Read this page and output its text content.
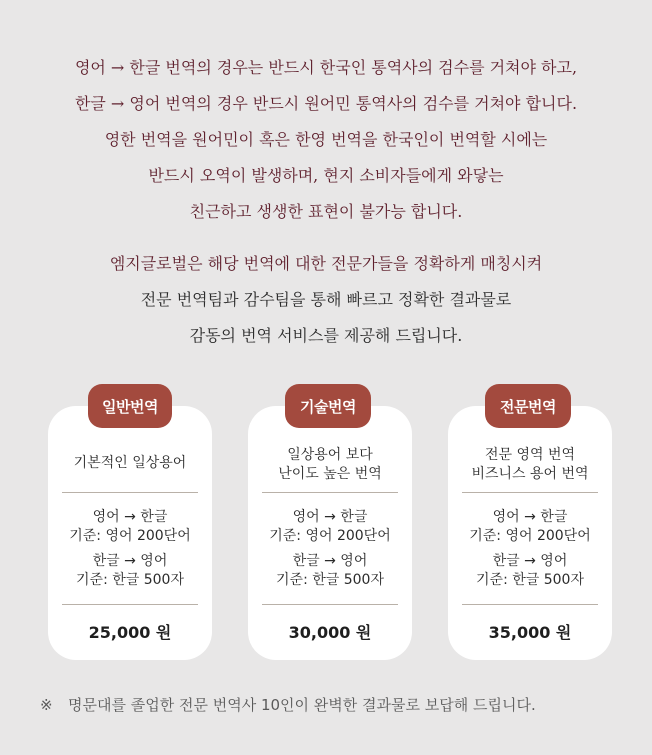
영어 → 한글 번역의 경우는 반드시 한국인 통역사의 검수를 거쳐야 하고,
한글 → 영어 번역의 경우 반드시 원어민 통역사의 검수를 거쳐야 합니다.
영한 번역을 원어민이 혹은 한영 번역을 한국인이 번역할 시에는
반드시 오역이 발생하며, 현지 소비자들에게 와닿는
친근하고 생생한 표현이 불가능 합니다.
엠지글로벌은 해당 번역에 대한 전문가들을 정확하게 매칭시켜
전문 번역팀과 감수팀을 통해 빠르고 정확한 결과물로
감동의 번역 서비스를 제공해 드립니다.
기본적인 일상용어
영어 → 한글
기준: 영어 200단어
한글 → 영어
기준: 한글 500자
25,000 원
일반번역
일상용어 보다
난이도 높은 번역
영어 → 한글
기준: 영어 200단어
한글 → 영어
기준: 한글 500자
30,000 원
기술번역
전문 영역 번역
비즈니스 용어 번역
영어 → 한글
기준: 영어 200단어
한글 → 영어
기준: 한글 500자
35,000 원
전문번역
※ 명문대를 졸업한 전문 번역사 10인이 완벽한 결과물로 보답해 드립니다.
